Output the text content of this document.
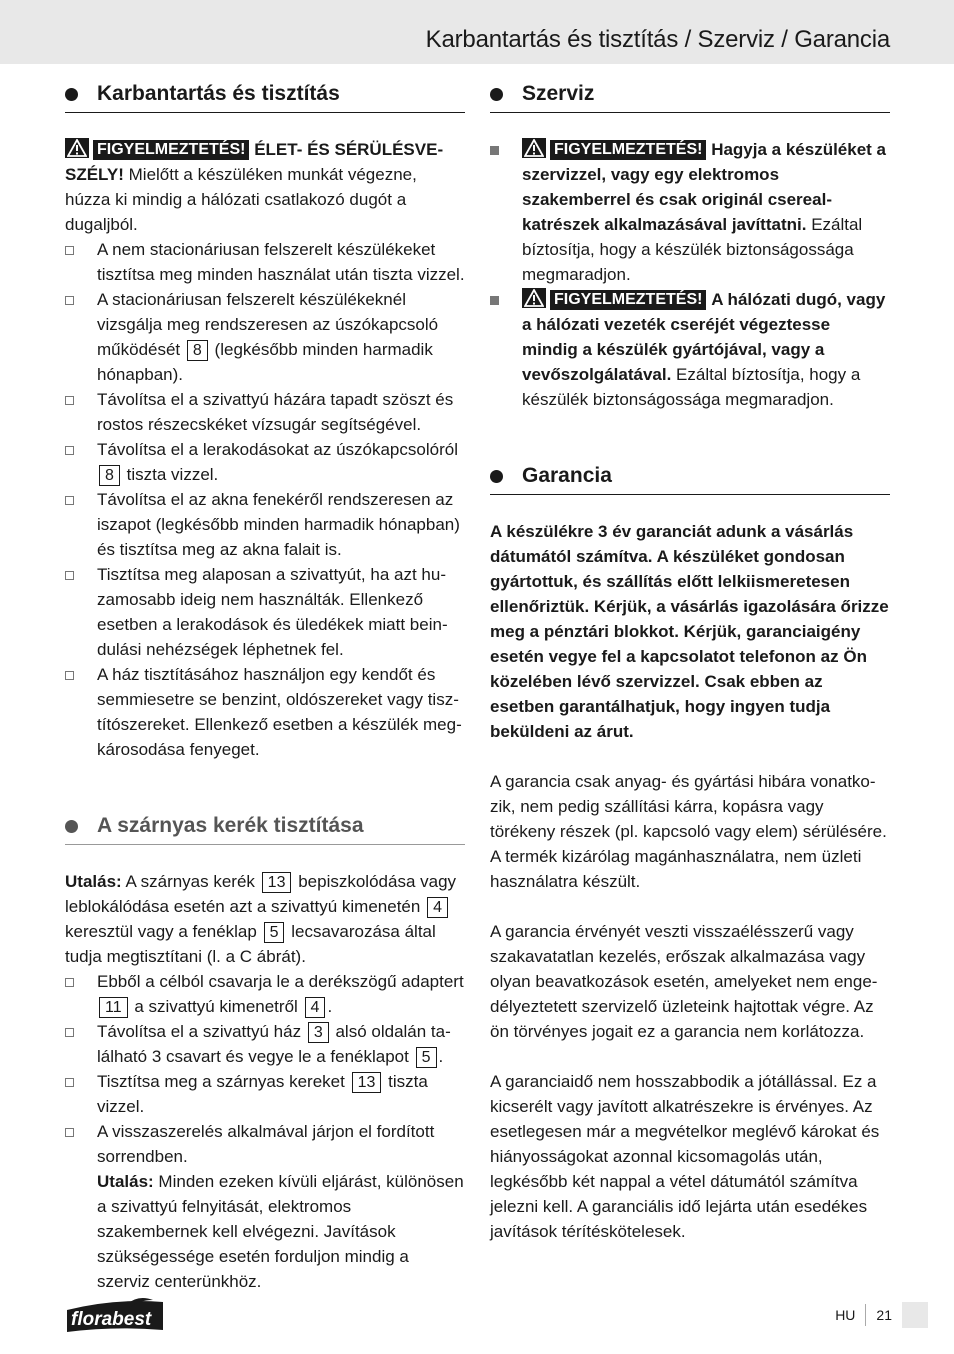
Karbantartás és tisztítás / Szerviz / Garancia
Karbantartás és tisztítás

FIGYELMEZTETÉS! ÉLET- ÉS SÉRÜLÉSVESZÉLY! Mielőtt a készüléken munkát végezne, húzza ki mindig a hálózati csatlakozó dugót a dugaljból.

A nem stacionáriusan felszerelt készülékeket tisztítsa meg minden használat után tiszta vizzel.
A stacionáriusan felszerelt készülékeknél vizsgálja meg rendszeresen az úszókapcsoló működését 8 (legkésőbb minden harmadik hónapban).
Távolítsa el a szivattyú házára tapadt szöszt és rostos részecskéket vízsugár segítségével.
Távolítsa el a lerakodásokat az úszókapcsolóról 8 tiszta vizzel.
Távolítsa el az akna fenekéről rendszeresen az iszapot (legkésőbb minden harmadik hónapban) és tisztítsa meg az akna falait is.
Tisztítsa meg alaposan a szivattyút, ha azt huzamosabb ideig nem használták. Ellenkező esetben a lerakodások és üledékek miatt beindulási nehézségek léphetnek fel.
A ház tisztításához használjon egy kendőt és semmiesetre se benzint, oldószereket vagy tisztítószereket. Ellenkező esetben a készülék megkárosodása fenyeget.
A szárnyas kerék tisztítása

Utalás: A szárnyas kerék 13 bepiszkolódása vagy leblokálódása esetén azt a szivattyú kimenetén 4 keresztül vagy a fenéklap 5 lecsavarozása által tudja megtisztítani (l. a C ábrát).

Ebből a célból csavarja le a derékszögű adaptert 11 a szivattyú kimenetről 4 .
Távolítsa el a szivattyú ház 3 alsó oldalán található 3 csavart és vegye le a fenéklapot 5 .
Tisztítsa meg a szárnyas kereket 13 tiszta vizzel.
A visszaszerelés alkalmával járjon el fordított sorrendben.
Utalás: Minden ezeken kívüli eljárást, különösen a szivattyú felnyitását, elektromos szakembernek kell elvégezni. Javítások szükségessége esetén forduljon mindig a szerviz centerünkhöz.
Szerviz
FIGYELMEZTETÉS! Hagyja a készüléket a szervizzel, vagy egy elektromos szakemberrel és csak originál cserealkatrészek alkalmazásával javíttatni. Ezáltal bíztosítja, hogy a készülék biztonságossága megmaradjon.
FIGYELMEZTETÉS! A hálózati dugó, vagy a hálózati vezeték cseréjét végeztesse mindig a készülék gyártójával, vagy a vevőszolgálatával. Ezáltal bíztosítja, hogy a készülék biztonságossága megmaradjon.
Garancia

A készülékre 3 év garanciát adunk a vásárlás dátumától számítva. A készüléket gondosan gyártottuk, és szállítás előtt lelkiismeretesen ellenőriztük. Kérjük, a vásárlás igazolására őrizze meg a pénztári blokkot. Kérjük, garanciaigény esetén vegye fel a kapcsolatot telefonon az Ön közelében lévő szervizzel. Csak ebben az esetben garantálhatjuk, hogy ingyen tudja beküldeni az árut.

A garancia csak anyag- és gyártási hibára vonatkozik, nem pedig szállítási kárra, kopásra vagy törékeny részek (pl. kapcsoló vagy elem) sérülésére. A termék kizárólag magánhasználatra, nem üzleti használatra készült.

A garancia érvényét veszti visszaélésszerű vagy szakavatatlan kezelés, erőszak alkalmazása vagy olyan beavatkozások esetén, amelyeket nem engedélyeztetett szervizelő üzleteink hajtottak végre. Az ön törvényes jogait ez a garancia nem korlátozza.

A garanciaidő nem hosszabbodik a jótállással. Ez a kicserélt vagy javított alkatrészekre is érvényes. Az esetlegesen már a megvételkor meglévő károkat és hiányosságokat azonnal kicsomagolás után, legkésőbb két nappal a vétel dátumától számítva jelezni kell. A garanciális idő lejárta után esedékes javítások térítéskötelesek.

florabest	HU 21
